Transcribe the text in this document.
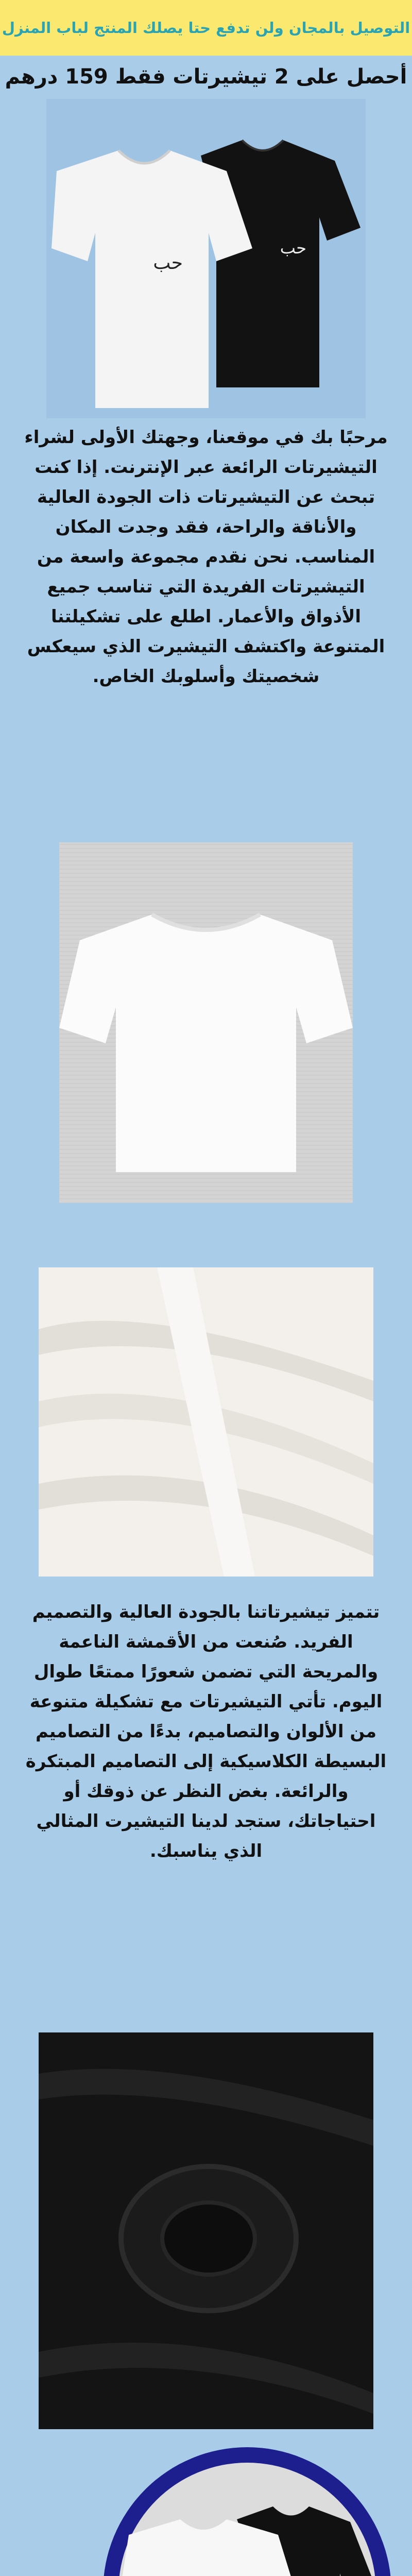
التوصيل بالمجان ولن تدفع حتا يصلك المنتج لباب المنزل
أحصل على 2 تيشيرتات فقط 159 درهم
ﺣﺐ
ﺣﺐ
مرحبًا بك في موقعنا، وجهتك الأولى لشراء التيشيرتات الرائعة عبر الإنترنت. إذا كنت تبحث عن التيشيرتات ذات الجودة العالية والأناقة والراحة، فقد وجدت المكان المناسب. نحن نقدم مجموعة واسعة من التيشيرتات الفريدة التي تناسب جميع الأذواق والأعمار. اطلع على تشكيلتنا المتنوعة واكتشف التيشيرت الذي سيعكس شخصيتك وأسلوبك الخاص.
تتميز تيشيرتاتنا بالجودة العالية والتصميم الفريد. صُنعت من الأقمشة الناعمة والمريحة التي تضمن شعورًا ممتعًا طوال اليوم. تأتي التيشيرتات مع تشكيلة متنوعة من الألوان والتصاميم، بدءًا من التصاميم البسيطة الكلاسيكية إلى التصاميم المبتكرة والرائعة. بغض النظر عن ذوقك أو احتياجاتك، ستجد لدينا التيشيرت المثالي الذي يناسبك.
